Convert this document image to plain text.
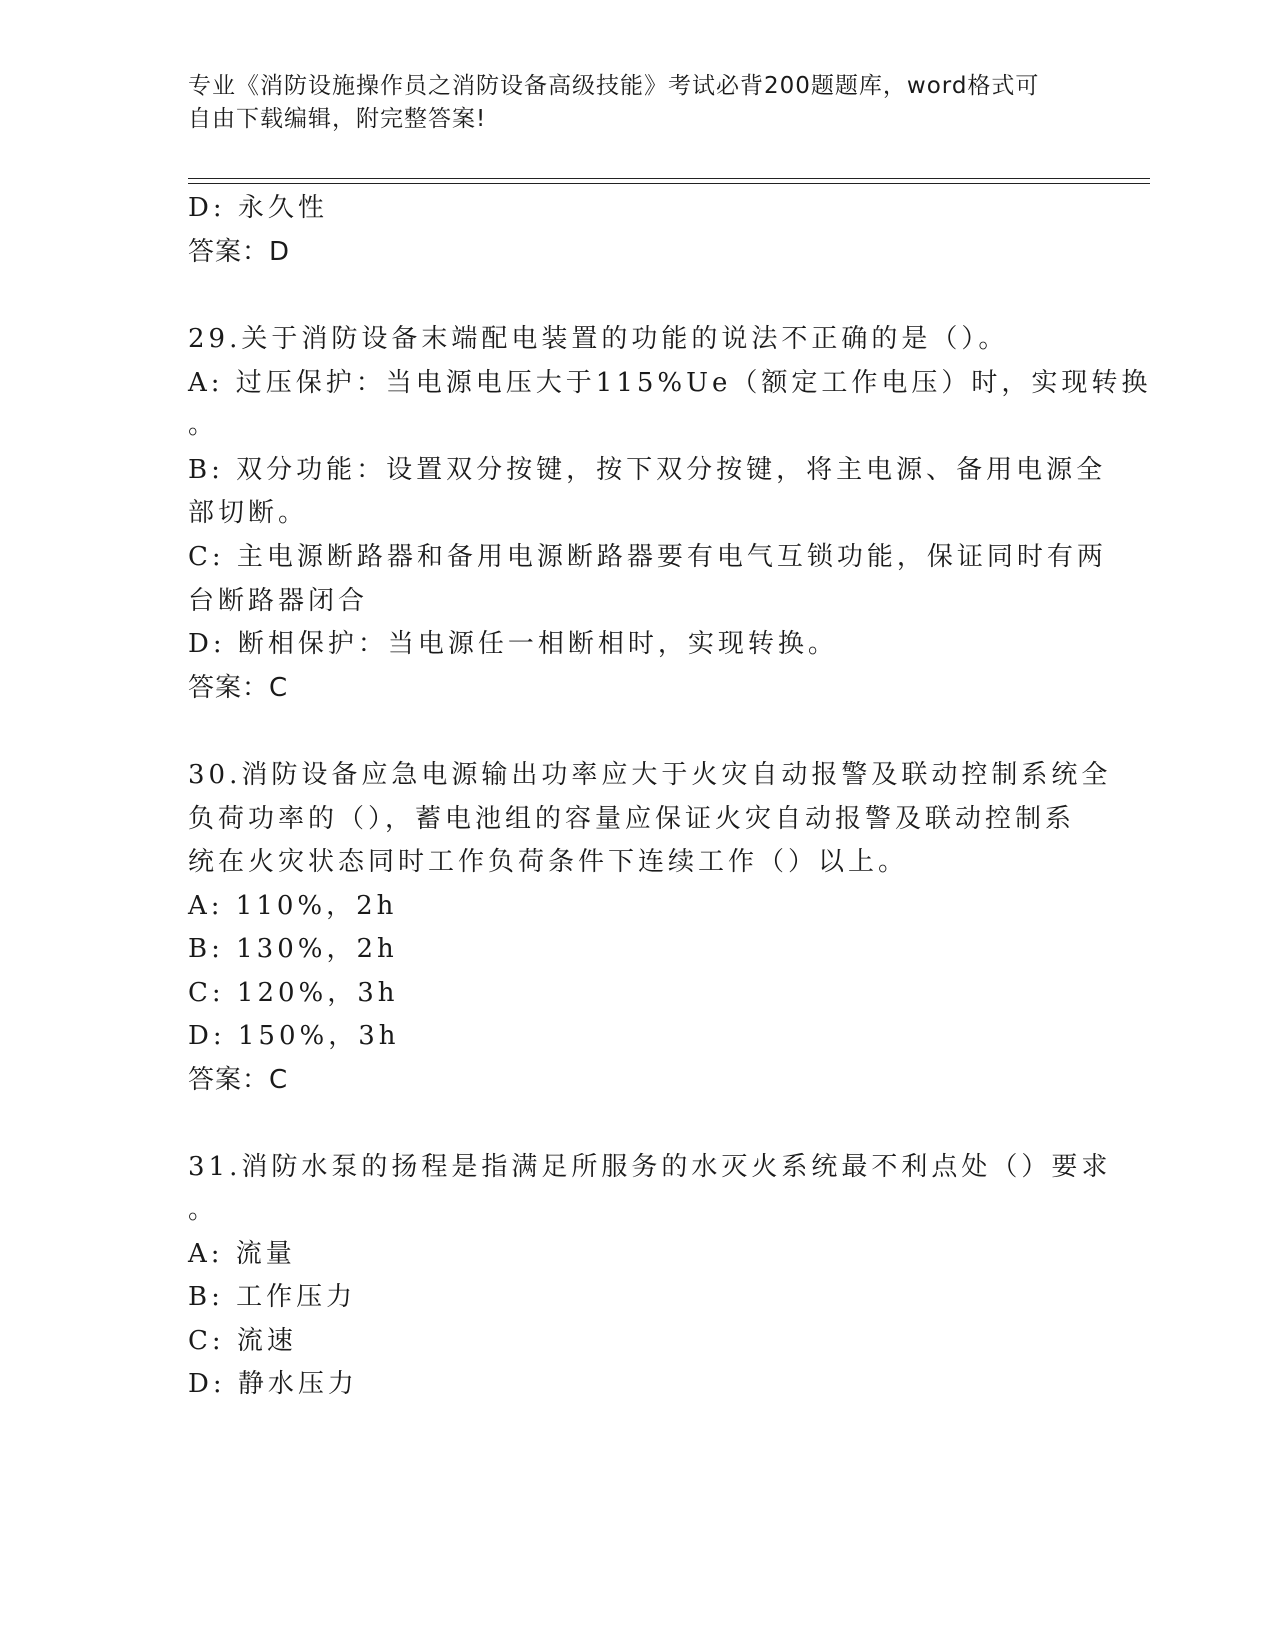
专业《消防设施操作员之消防设备高级技能》考试必背200题题库，word格式可
自由下载编辑，附完整答案!
D: 永久性
答案：D
29.关于消防设备末端配电装置的功能的说法不正确的是（）。
A: 过压保护：当电源电压大于115%Ue（额定工作电压）时，实现转换
。
B: 双分功能：设置双分按键，按下双分按键，将主电源、备用电源全
部切断。
C: 主电源断路器和备用电源断路器要有电气互锁功能，保证同时有两
台断路器闭合
D: 断相保护：当电源任一相断相时，实现转换。
答案：C
30.消防设备应急电源输出功率应大于火灾自动报警及联动控制系统全
负荷功率的（），蓄电池组的容量应保证火灾自动报警及联动控制系
统在火灾状态同时工作负荷条件下连续工作（）以上。
A: 110%，2h
B: 130%，2h
C: 120%，3h
D: 150%，3h
答案：C
31.消防水泵的扬程是指满足所服务的水灭火系统最不利点处（）要求
。
A: 流量
B: 工作压力
C: 流速
D: 静水压力
